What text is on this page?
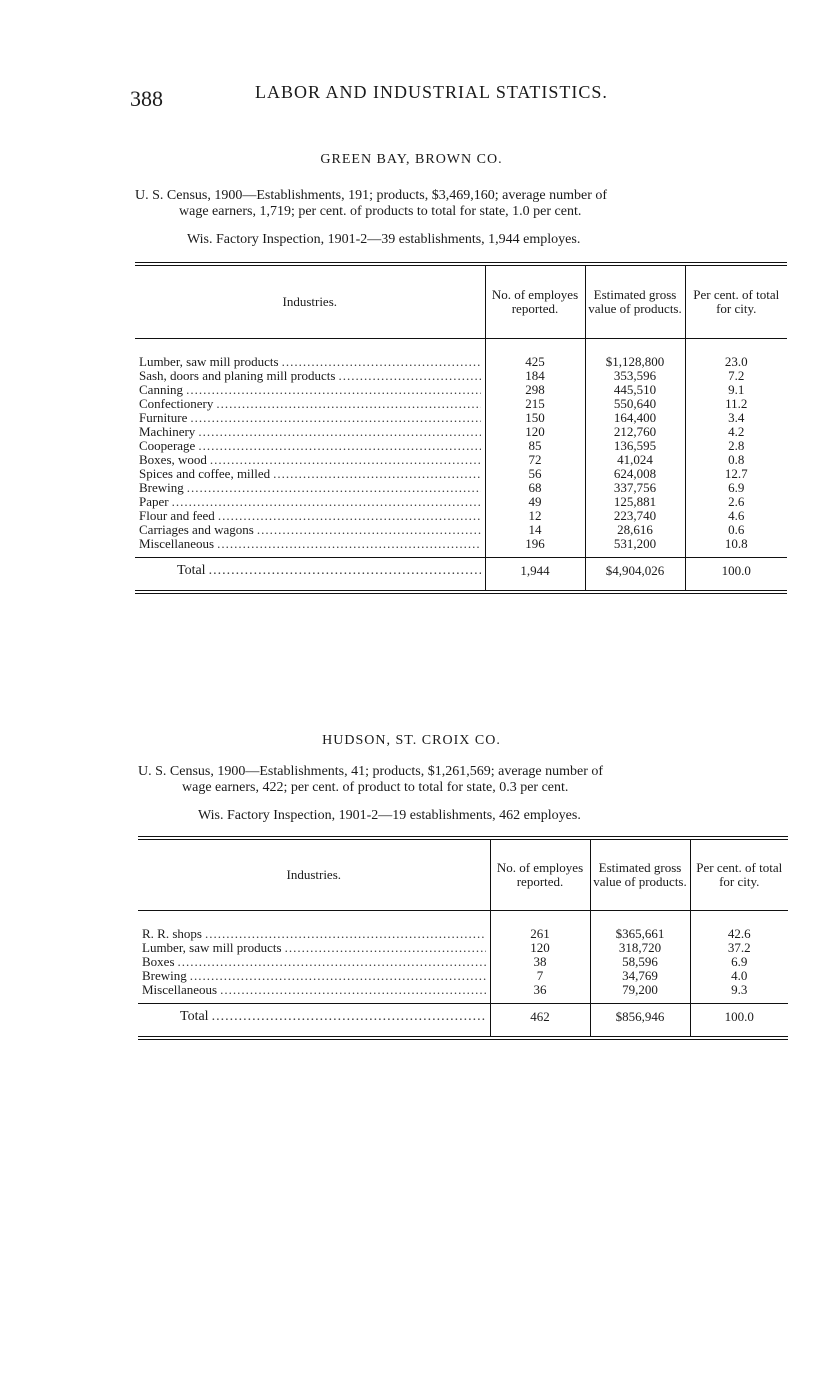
388	LABOR AND INDUSTRIAL STATISTICS.
GREEN BAY, BROWN CO.
U. S. Census, 1900—Establishments, 191; products, $3,469,160; average number of
wage earners, 1,719; per cent. of products to total for state, 1.0 per cent.
Wis. Factory Inspection, 1901-2—39 establishments, 1,944 employes.
Industries.	No. of employes reported.	Estimated gross value of products.	Per cent. of total for city.

Lumber, saw mill products
.....	425	$1,128,800	23.0

Sash, doors and planing mill products
.....	184	353,596	7.2

Canning
.....	298	445,510	9.1

Confectionery
.....	215	550,640	11.2

Furniture
.....	150	164,400	3.4

Machinery
.....	120	212,760	4.2

Cooperage
.....	85	136,595	2.8

Boxes, wood
.....	72	41,024	0.8

Spices and coffee, milled
.....	56	624,008	12.7

Brewing
.....	68	337,756	6.9

Paper
.....	49	125,881	2.6

Flour and feed
.....	12	223,740	4.6

Carriages and wagons
.....	14	28,616	0.6

Miscellaneous
.....	196	531,200	10.8

Total
.....	1,944	$4,904,026	100.0
HUDSON, ST. CROIX CO.
U. S. Census, 1900—Establishments, 41; products, $1,261,569; average number of
wage earners, 422; per cent. of product to total for state, 0.3 per cent.
Wis. Factory Inspection, 1901-2—19 establishments, 462 employes.
Industries.	No. of employes reported.	Estimated gross value of products.	Per cent. of total for city.

R. R. shops
.....	261	$365,661	42.6

Lumber, saw mill products
.....	120	318,720	37.2

Boxes
.....	38	58,596	6.9

Brewing
.....	7	34,769	4.0

Miscellaneous
.....	36	79,200	9.3

Total
.....	462	$856,946	100.0
